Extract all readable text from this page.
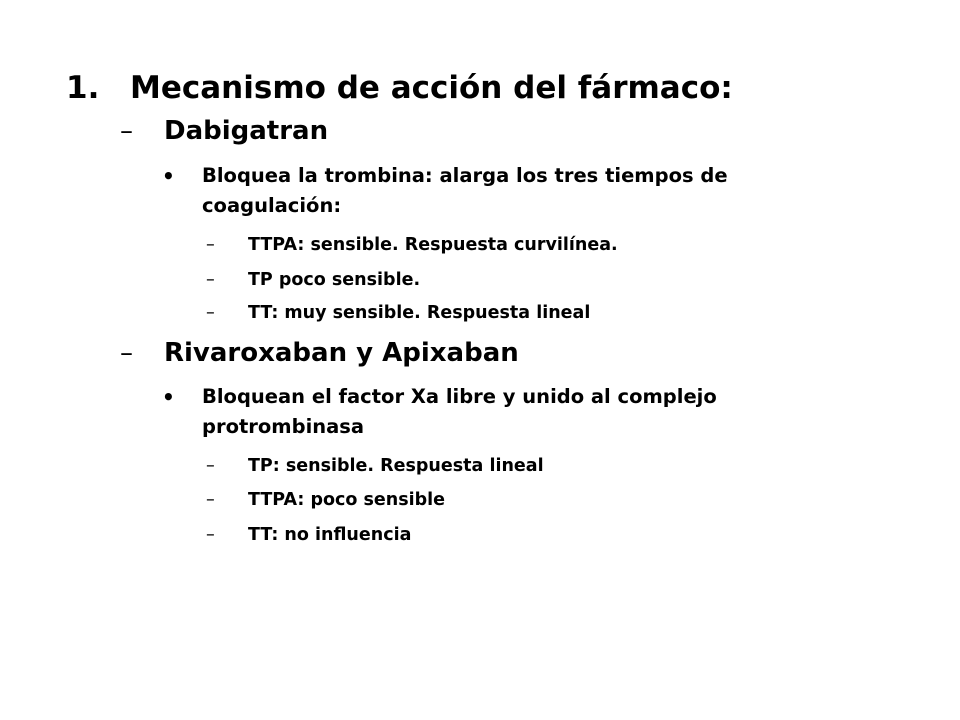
1. Mecanismo de acción del fármaco:
– Dabigatran
• Bloquea la trombina: alarga los tres tiempos de
coagulación:
– TTPA: sensible. Respuesta curvilínea.
– TP poco sensible.
– TT: muy sensible. Respuesta lineal
– Rivaroxaban y Apixaban
• Bloquean el factor Xa libre y unido al complejo
protrombinasa
– TP: sensible. Respuesta lineal
– TTPA: poco sensible
– TT: no influencia
